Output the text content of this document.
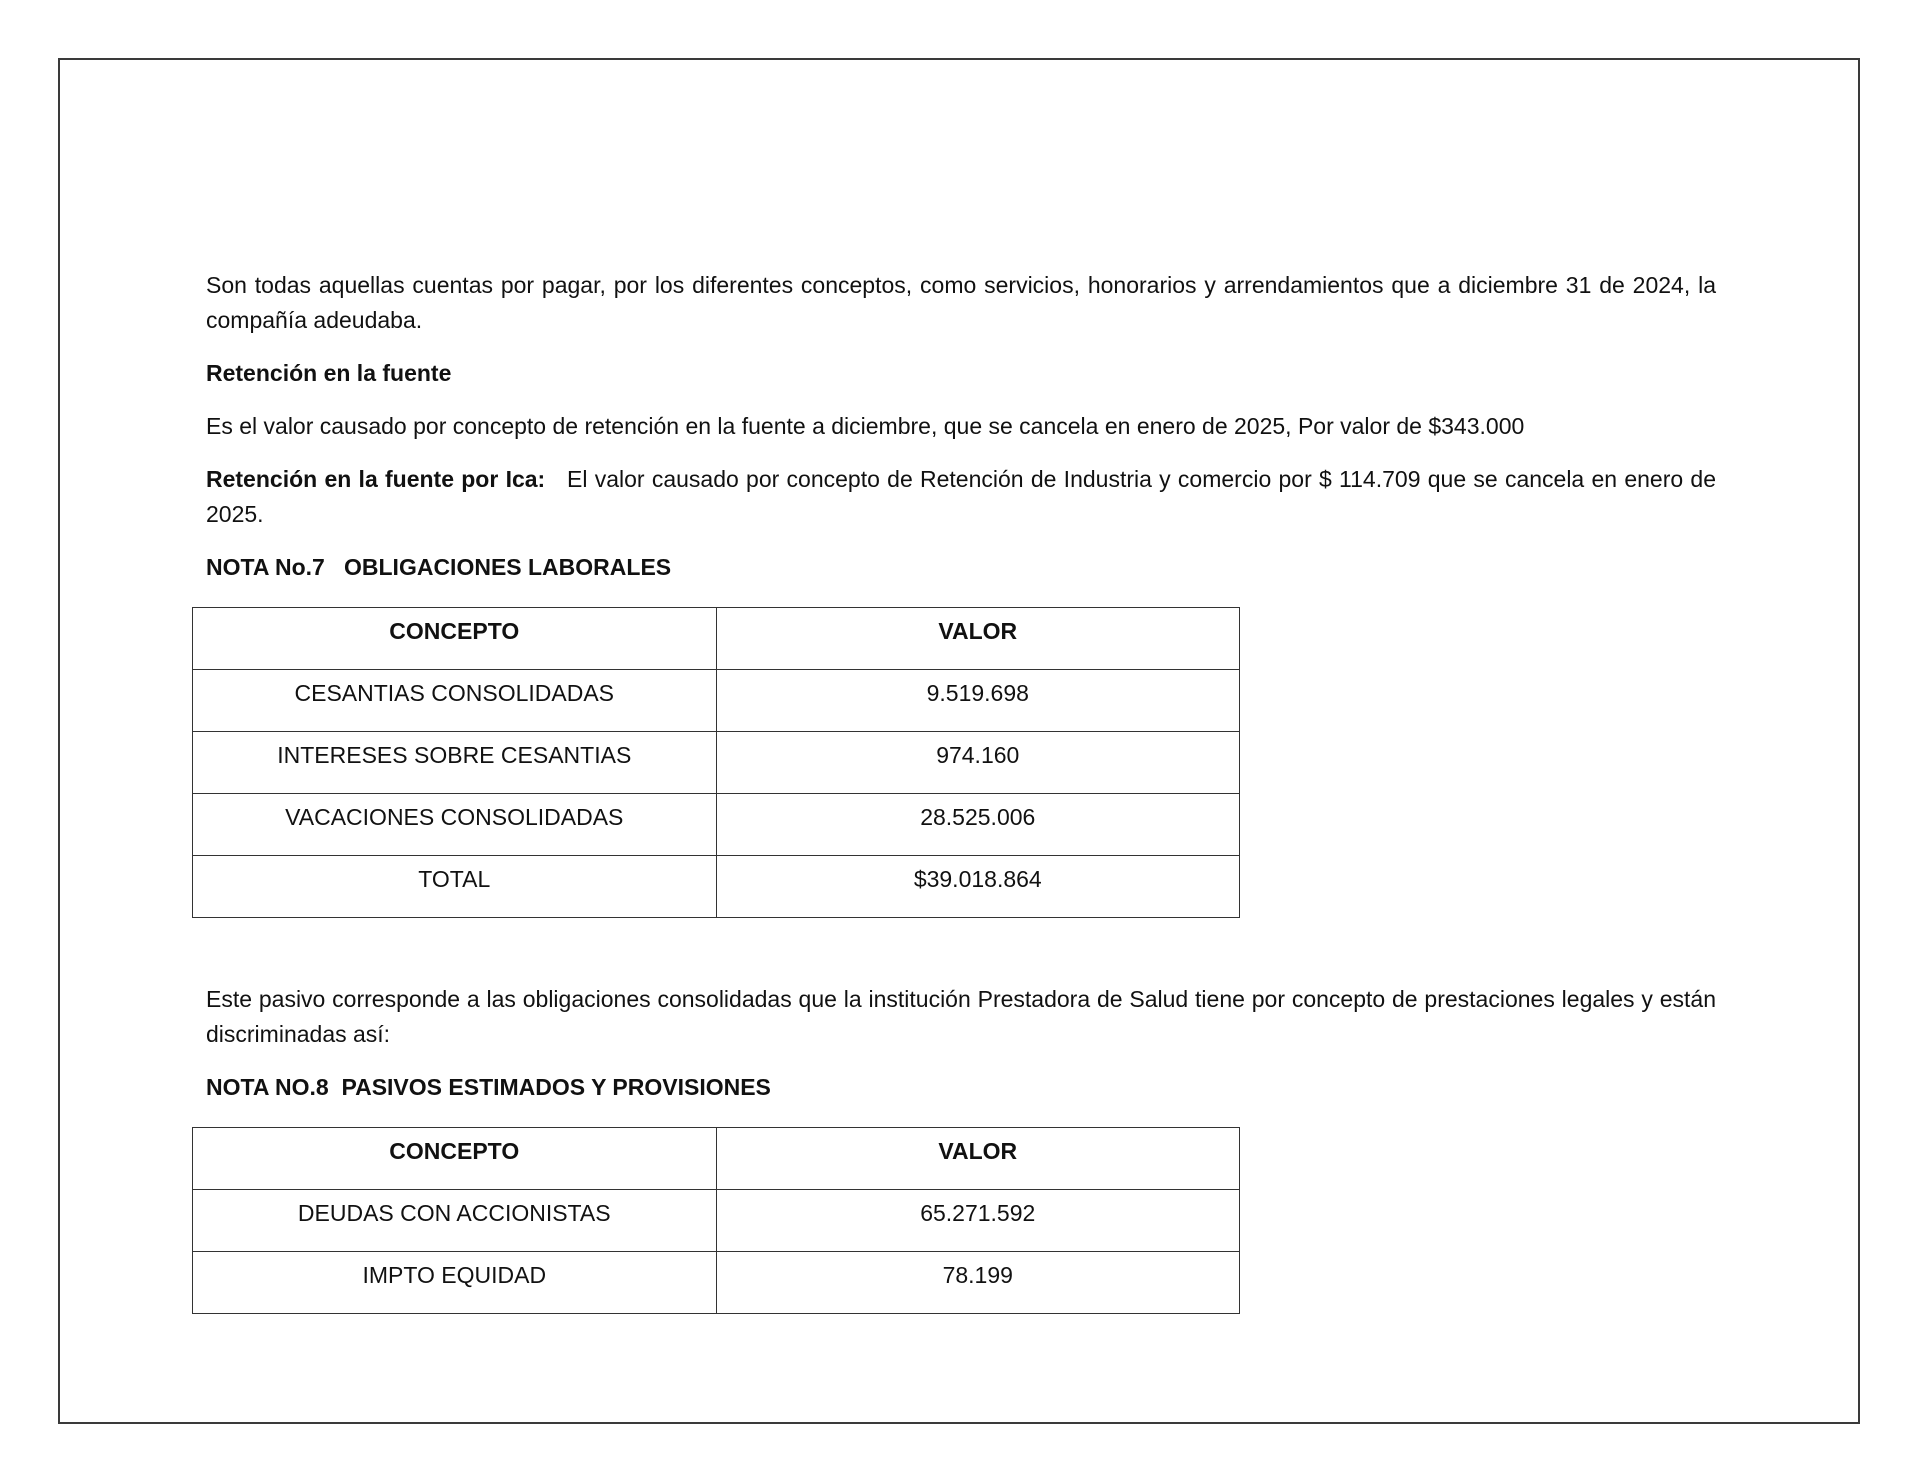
Son todas aquellas cuentas por pagar, por los diferentes conceptos, como servicios, honorarios y arrendamientos que a diciembre 31 de 2024, la compañía adeudaba.

Retención en la fuente

Es el valor causado por concepto de retención en la fuente a diciembre, que se cancela en enero de 2025, Por valor de $343.000

Retención en la fuente por Ica: El valor causado por concepto de Retención de Industria y comercio por $ 114.709 que se cancela en enero de 2025.

NOTA No.7   OBLIGACIONES LABORALES

CONCEPTO	VALOR
CESANTIAS CONSOLIDADAS	9.519.698
INTERESES SOBRE CESANTIAS	974.160
VACACIONES CONSOLIDADAS	28.525.006
TOTAL	$39.018.864

Este pasivo corresponde a las obligaciones consolidadas que la institución Prestadora de Salud tiene por concepto de prestaciones legales y están discriminadas así:

NOTA NO.8  PASIVOS ESTIMADOS Y PROVISIONES

CONCEPTO	VALOR
DEUDAS CON ACCIONISTAS	65.271.592
IMPTO EQUIDAD	78.199
